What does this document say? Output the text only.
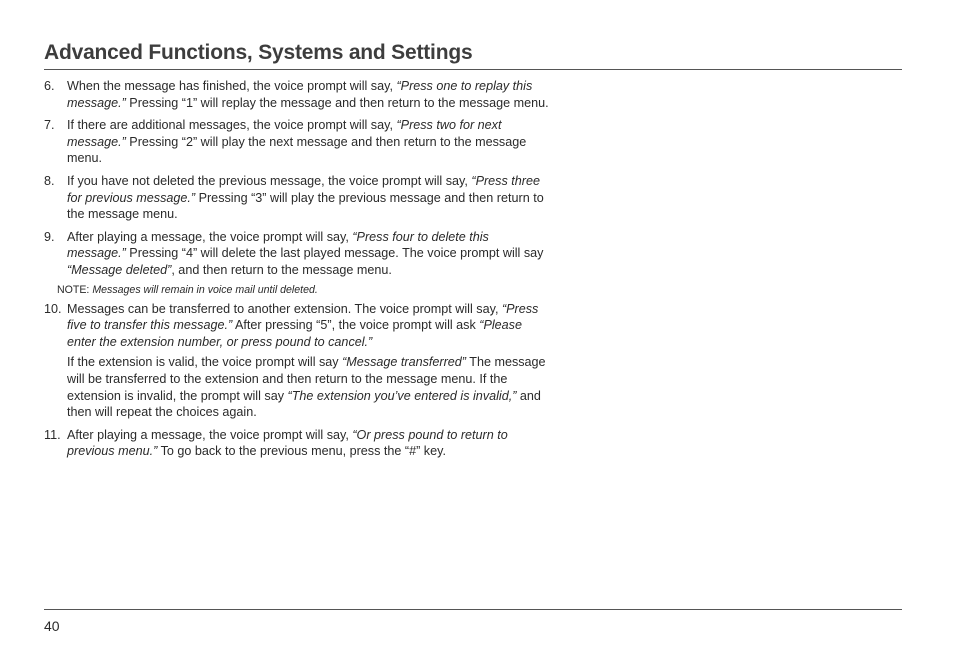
Advanced Functions, Systems and Settings
6. When the message has finished, the voice prompt will say, “Press one to replay this message.” Pressing “1” will replay the message and then return to the message menu.

7. If there are additional messages, the voice prompt will say, “Press two for next message.” Pressing “2” will play the next message and then return to the message menu.

8. If you have not deleted the previous message, the voice prompt will say, “Press three for previous message.” Pressing “3” will play the previous message and then return to the message menu.

9. After playing a message, the voice prompt will say, “Press four to delete this message.” Pressing “4” will delete the last played message. The voice prompt will say “Message deleted”, and then return to the message menu.

NOTE: Messages will remain in voice mail until deleted.
10. Messages can be transferred to another extension. The voice prompt will say, “Press five to transfer this message.” After pressing “5”, the voice prompt will ask “Please enter the extension number, or press pound to cancel.”

If the extension is valid, the voice prompt will say “Message transferred” The message will be transferred to the extension and then return to the message menu. If the extension is invalid, the prompt will say “The extension you’ve entered is invalid,” and then will repeat the choices again.

11. After playing a message, the voice prompt will say, “Or press pound to return to previous menu.” To go back to the previous menu, press the “#” key.

40
